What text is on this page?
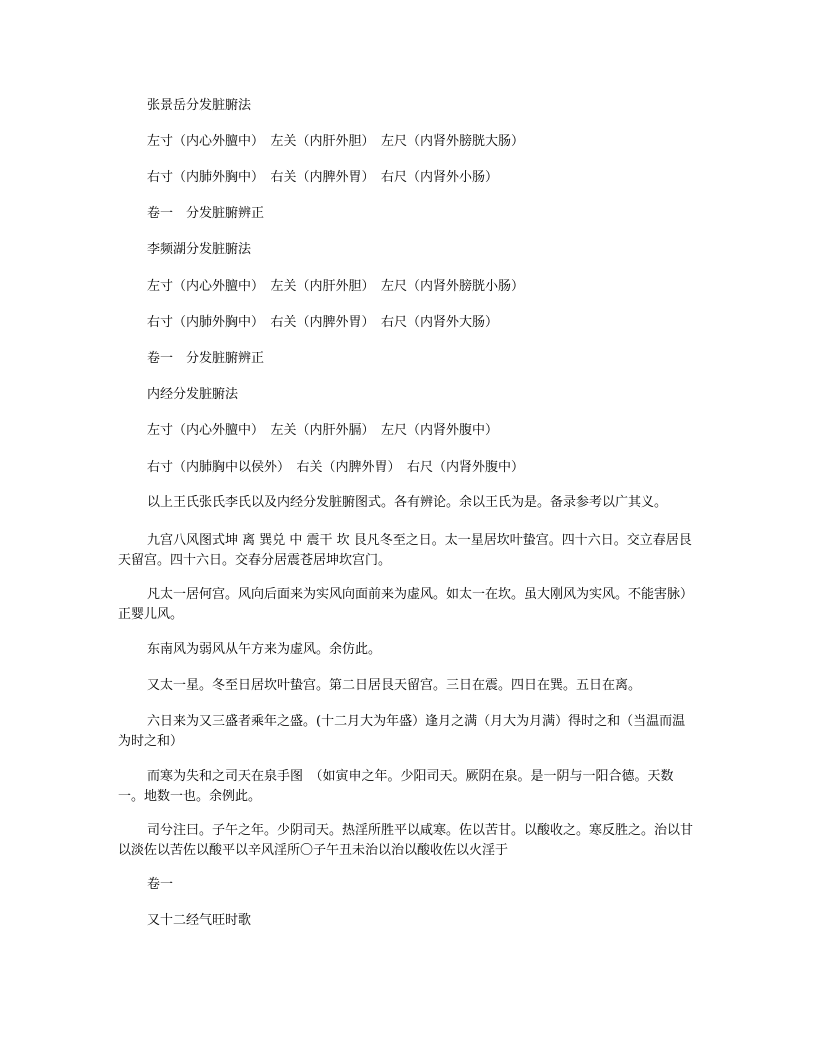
张景岳分发脏腑法
左寸（内心外膻中）　左关（内肝外胆）　左尺（内肾外膀胱大肠）
右寸（内肺外胸中）　右关（内脾外胃）　右尺（内肾外小肠）
卷一　分发脏腑辨正
李频湖分发脏腑法
左寸（内心外膻中）　左关（内肝外胆）　左尺（内肾外膀胱小肠）
右寸（内肺外胸中）　右关（内脾外胃）　右尺（内肾外大肠）
卷一　分发脏腑辨正
内经分发脏腑法
左寸（内心外膻中）　左关（内肝外膈）　左尺（内肾外腹中）
右寸（内肺胸中以侯外）　右关（内脾外胃）　右尺（内肾外腹中）
以上王氏张氏李氏以及内经分发脏腑图式。各有辨论。余以王氏为是。备录参考以广其义。
九宫八风图式坤 离 巽兑 中 震干 坎 艮凡冬至之日。太一星居坎叶蛰宫。四十六日。交立春居艮天留宫。四十六日。交春分居震苍居坤坎宫门。
凡太一居何宫。风向后面来为实风向面前来为虚风。如太一在坎。虽大刚风为实风。不能害脉）正婴儿风。
东南风为弱风从午方来为虚风。余仿此。
又太一星。冬至日居坎叶蛰宫。第二日居艮天留宫。三日在震。四日在巽。五日在离。
六日来为又三盛者乘年之盛。(十二月大为年盛）逢月之满（月大为月满）得时之和（当温而温为时之和）
而寒为失和之司天在泉手图　（如寅申之年。少阳司天。厥阴在泉。是一阴与一阳合德。天数一。地数一也。余例此。
司兮注曰。子午之年。少阴司天。热淫所胜平以咸寒。佐以苦甘。以酸收之。寒反胜之。治以甘以淡佐以苦佐以酸平以辛风淫所〇子午丑未治以治以酸收佐以火淫于
卷一
又十二经气旺时歌
